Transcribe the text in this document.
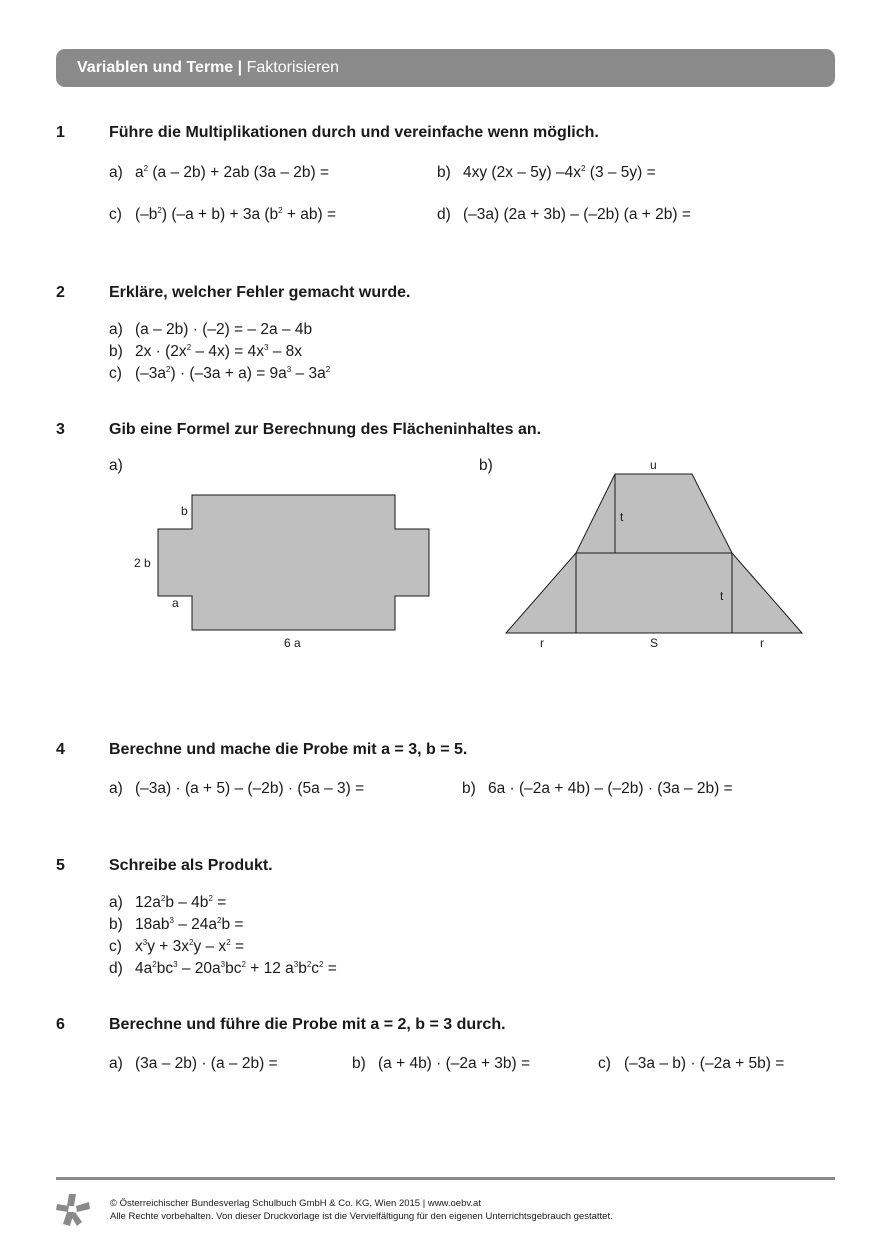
Variablen und Terme | Faktorisieren
1	Führe die Multiplikationen durch und vereinfache wenn möglich.
a) $a^2$ (a – 2b) + 2ab (3a – 2b) =	b) 4xy (2x – 5y) $-4x^2$ (3 – 5y) =
c) $(-b^2) (-a + b) + 3a$ $(b^2 + ab)$ =	d) (–3a) (2a + 3b) – (–2b) (a + 2b) =
2	Erkläre, welcher Fehler gemacht wurde.
a) (a – 2b) · (–2) = – 2a – 4b
b) $2x \cdot (2x^2 - 4x) = 4x^3 - 8x$
c) $(-3a^2) \cdot (-3a + a) = 9a^3 - 3a^2$
3	Gib eine Formel zur Berechnung des Flächeninhaltes an.
a)	b)
b
2 b
a
6 a
u
t
t
r	S	r
4	Berechne und mache die Probe mit a = 3, b = 5.
a) (–3a) · (a + 5) – (–2b) · (5a – 3) =	b) 6a · (–2a + 4b) – (–2b) · (3a – 2b) =
5	Schreibe als Produkt.
a) $12a^2b - 4b^2$ =
b) $18ab^3 - 24a^2b$ =
c) $x^3y + 3x^2y - x^2$ =
d) $4a^2bc^3 - 20a^3bc^2 + 12$ $a^3b^2c^2$ =
6	Berechne und führe die Probe mit a = 2, b = 3 durch.
a) (3a – 2b) · (a – 2b) =	b) (a + 4b) · (–2a + 3b) =	c) (–3a – b) · (–2a + 5b) =
© Österreichischer Bundesverlag Schulbuch GmbH & Co. KG, Wien 2015 | www.oebv.at
Alle Rechte vorbehalten. Von dieser Druckvorlage ist die Vervielfältigung für den eigenen Unterrichtsgebrauch gestattet.
